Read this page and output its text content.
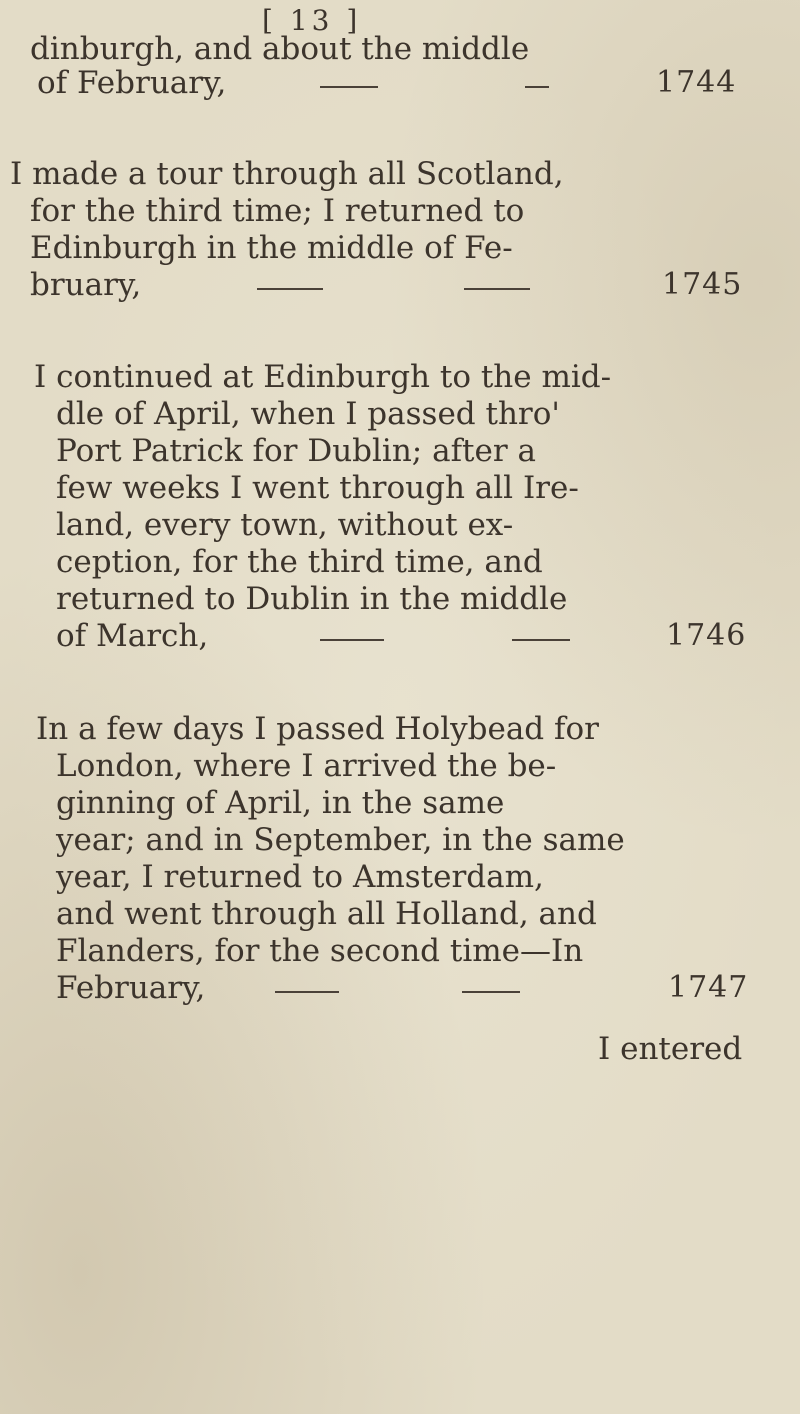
[ 13 ]
dinburgh, and about the middle
of February,	1744
I made a tour through all Scotland,
for the third time; I returned to
Edinburgh in the middle of Fe-
bruary,	1745
I continued at Edinburgh to the mid-
dle of April, when I passed thro'
Port Patrick for Dublin; after a
few weeks I went through all Ire-
land, every town, without ex-
ception, for the third time, and
returned to Dublin in the middle
of March,	1746
In a few days I passed Holybead for
London, where I arrived the be-
ginning of April, in the same
year; and in September, in the same
year, I returned to Amsterdam,
and went through all Holland, and
Flanders, for the second time—In
February,	1747
I entered
